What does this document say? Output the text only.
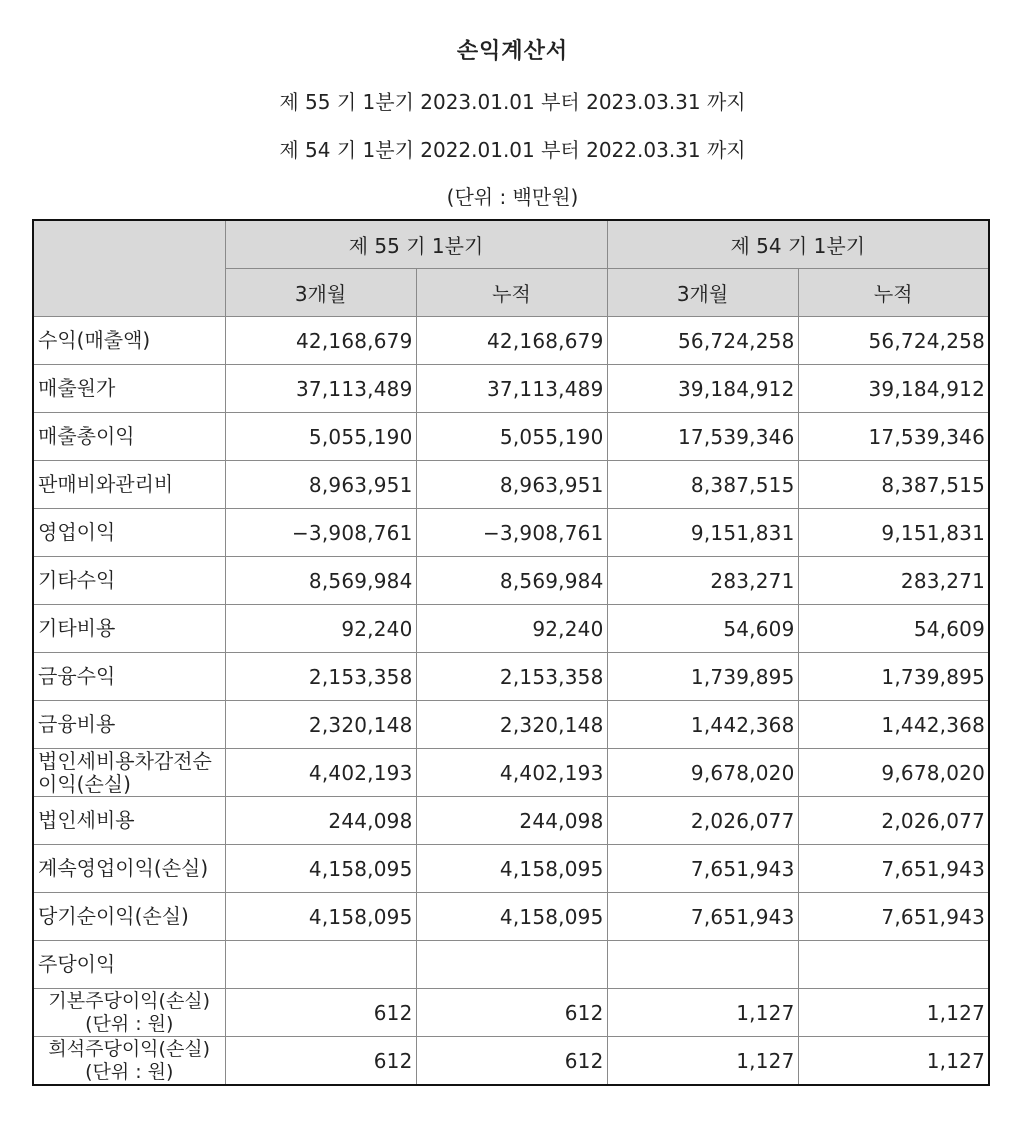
손익계산서
제 55 기 1분기 2023.01.01 부터 2023.03.31 까지
제 54 기 1분기 2022.01.01 부터 2022.03.31 까지
(단위 : 백만원)
	제 55 기 1분기		제 54 기 1분기	
	3개월	누적	3개월	누적
수익(매출액)	42,168,679	42,168,679	56,724,258	56,724,258
매출원가	37,113,489	37,113,489	39,184,912	39,184,912
매출총이익	5,055,190	5,055,190	17,539,346	17,539,346
판매비와관리비	8,963,951	8,963,951	8,387,515	8,387,515
영업이익	−3,908,761	−3,908,761	9,151,831	9,151,831
기타수익	8,569,984	8,569,984	283,271	283,271
기타비용	92,240	92,240	54,609	54,609
금융수익	2,153,358	2,153,358	1,739,895	1,739,895
금융비용	2,320,148	2,320,148	1,442,368	1,442,368
법인세비용차감전순이익(손실)	4,402,193	4,402,193	9,678,020	9,678,020
법인세비용	244,098	244,098	2,026,077	2,026,077
계속영업이익(손실)	4,158,095	4,158,095	7,651,943	7,651,943
당기순이익(손실)	4,158,095	4,158,095	7,651,943	7,651,943
주당이익				
기본주당이익(손실) (단위 : 원)	612	612	1,127	1,127
희석주당이익(손실) (단위 : 원)	612	612	1,127	1,127
